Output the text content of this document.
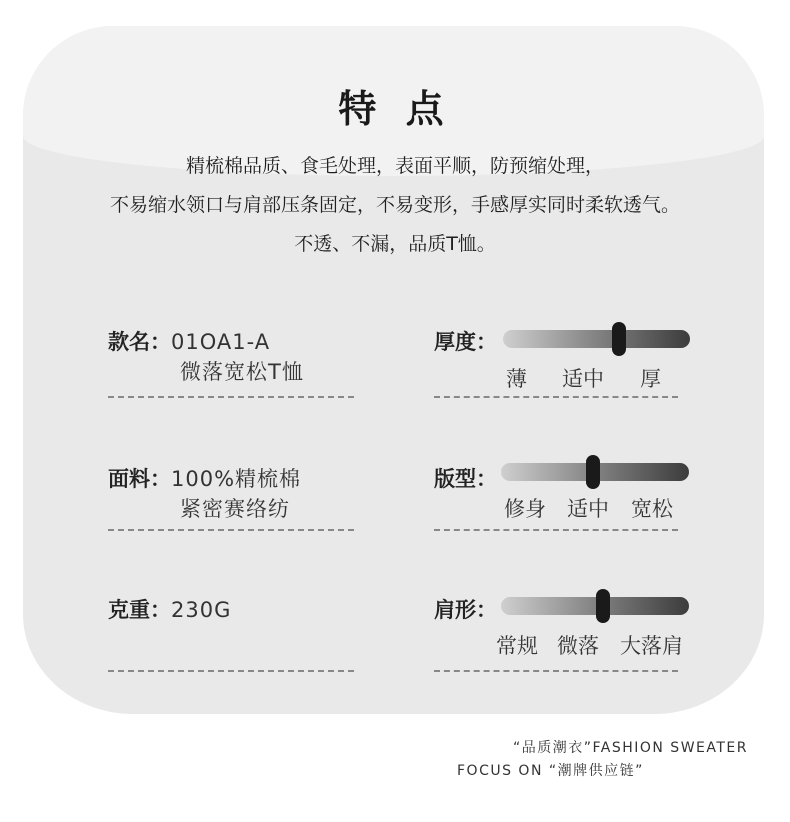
特 点
精梳棉品质、食毛处理，表面平顺，防预缩处理，
不易缩水领口与肩部压条固定，不易变形，手感厚实同时柔软透气。
不透、不漏，品质T恤。
款名：01OA1-A
微落宽松T恤
面料：100%精梳棉
紧密赛络纺
克重：230G
厚度：
薄 适中 厚
版型：
修身 适中 宽松
肩形：
常规 微落 大落肩
“品质潮衣”FASHION SWEATER
FOCUS ON “潮牌供应链”
